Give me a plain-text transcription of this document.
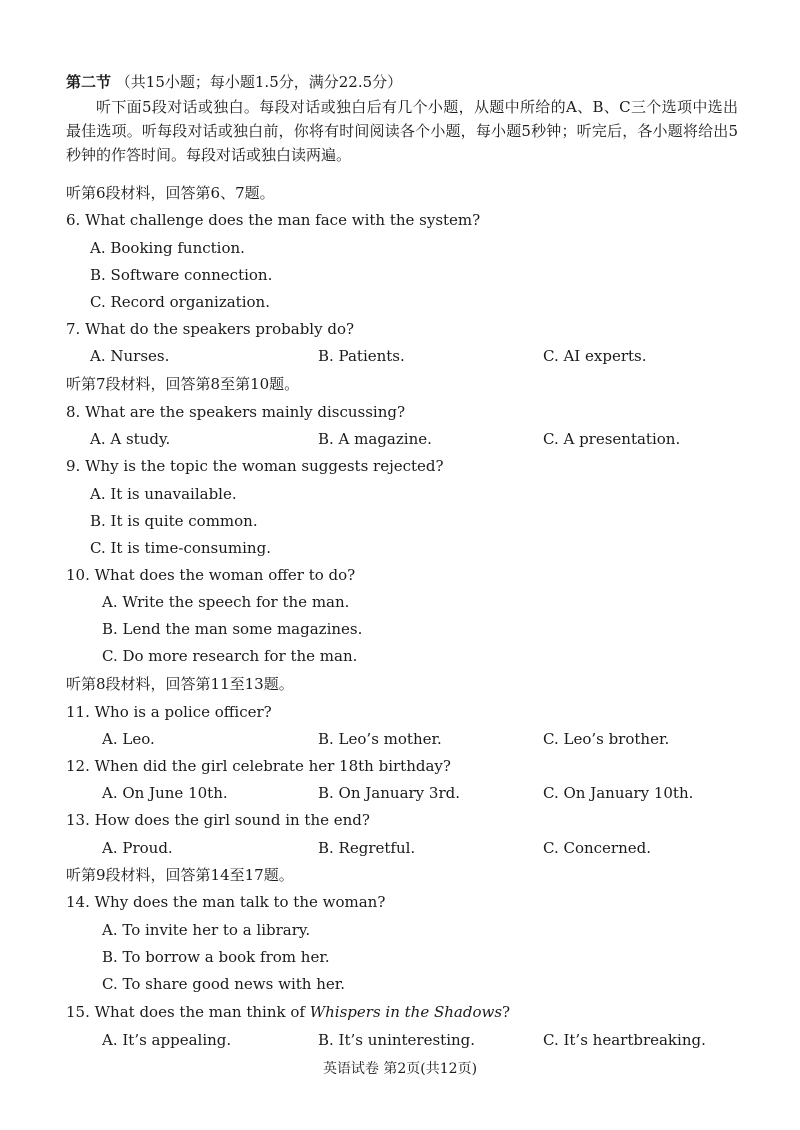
第二节 （共15小题；每小题1.5分，满分22.5分）
听下面5段对话或独白。每段对话或独白后有几个小题，从题中所给的A、B、C三个选项中选出最佳选项。听每段对话或独白前，你将有时间阅读各个小题，每小题5秒钟；听完后，各小题将给出5秒钟的作答时间。每段对话或独白读两遍。
听第6段材料，回答第6、7题。
6. What challenge does the man face with the system?
A. Booking function.
B. Software connection.
C. Record organization.
7. What do the speakers probably do?
A. Nurses.	B. Patients.	C. AI experts.
听第7段材料，回答第8至第10题。
8. What are the speakers mainly discussing?
A. A study.	B. A magazine.	C. A presentation.
9. Why is the topic the woman suggests rejected?
A. It is unavailable.
B. It is quite common.
C. It is time-consuming.
10. What does the woman offer to do?
A. Write the speech for the man.
B. Lend the man some magazines.
C. Do more research for the man.
听第8段材料，回答第11至13题。
11. Who is a police officer?
A. Leo.	B. Leo’s mother.	C. Leo’s brother.
12. When did the girl celebrate her 18th birthday?
A. On June 10th.	B. On January 3rd.	C. On January 10th.
13. How does the girl sound in the end?
A. Proud.	B. Regretful.	C. Concerned.
听第9段材料，回答第14至17题。
14. Why does the man talk to the woman?
A. To invite her to a library.
B. To borrow a book from her.
C. To share good news with her.
15. What does the man think of Whispers in the Shadows?
A. It’s appealing.	B. It’s uninteresting.	C. It’s heartbreaking.
英语试卷 第2页(共12页)
